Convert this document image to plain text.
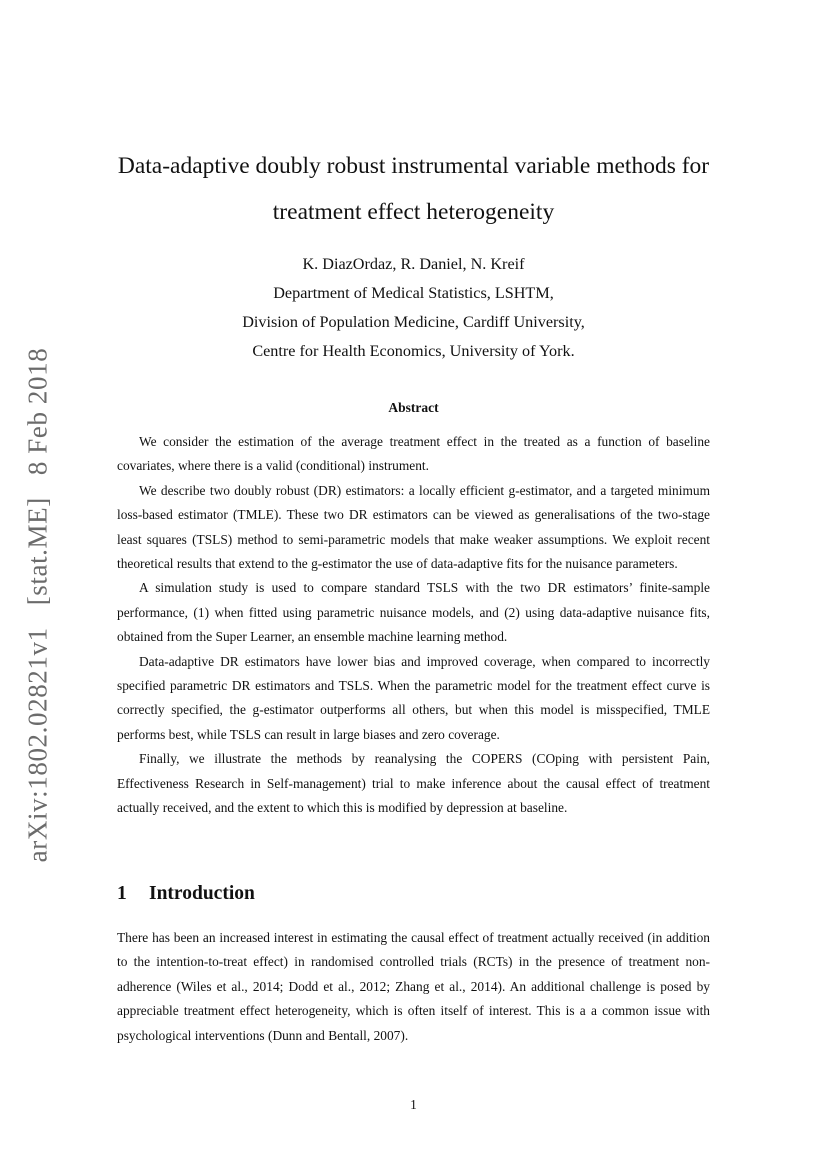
arXiv:1802.02821v1[stat.ME]8 Feb 2018
Data-adaptive doubly robust instrumental variable methods for
treatment effect heterogeneity
K. DiazOrdaz, R. Daniel, N. Kreif
Department of Medical Statistics, LSHTM,
Division of Population Medicine, Cardiff University,
Centre for Health Economics, University of York.
Abstract

We consider the estimation of the average treatment effect in the treated as a function of baseline covariates, where there is a valid (conditional) instrument.

We describe two doubly robust (DR) estimators: a locally efficient g-estimator, and a targeted minimum loss-based estimator (TMLE). These two DR estimators can be viewed as generalisations of the two-stage least squares (TSLS) method to semi-parametric models that make weaker assumptions. We exploit recent theoretical results that extend to the g-estimator the use of data-adaptive fits for the nuisance parameters.

A simulation study is used to compare standard TSLS with the two DR estimators’ finite-sample performance, (1) when fitted using parametric nuisance models, and (2) using data-adaptive nuisance fits, obtained from the Super Learner, an ensemble machine learning method.

Data-adaptive DR estimators have lower bias and improved coverage, when compared to incorrectly specified parametric DR estimators and TSLS. When the parametric model for the treatment effect curve is correctly specified, the g-estimator outperforms all others, but when this model is misspecified, TMLE performs best, while TSLS can result in large biases and zero coverage.

Finally, we illustrate the methods by reanalysing the COPERS (COping with persistent Pain, Effectiveness Research in Self-management) trial to make inference about the causal effect of treatment actually received, and the extent to which this is modified by depression at baseline.

1 Introduction

There has been an increased interest in estimating the causal effect of treatment actually received (in addition to the intention-to-treat effect) in randomised controlled trials (RCTs) in the presence of treatment non-adherence (Wiles et al., 2014; Dodd et al., 2012; Zhang et al., 2014). An additional challenge is posed by appreciable treatment effect heterogeneity, which is often itself of interest. This is a a common issue with psychological interventions (Dunn and Bentall, 2007).

1
